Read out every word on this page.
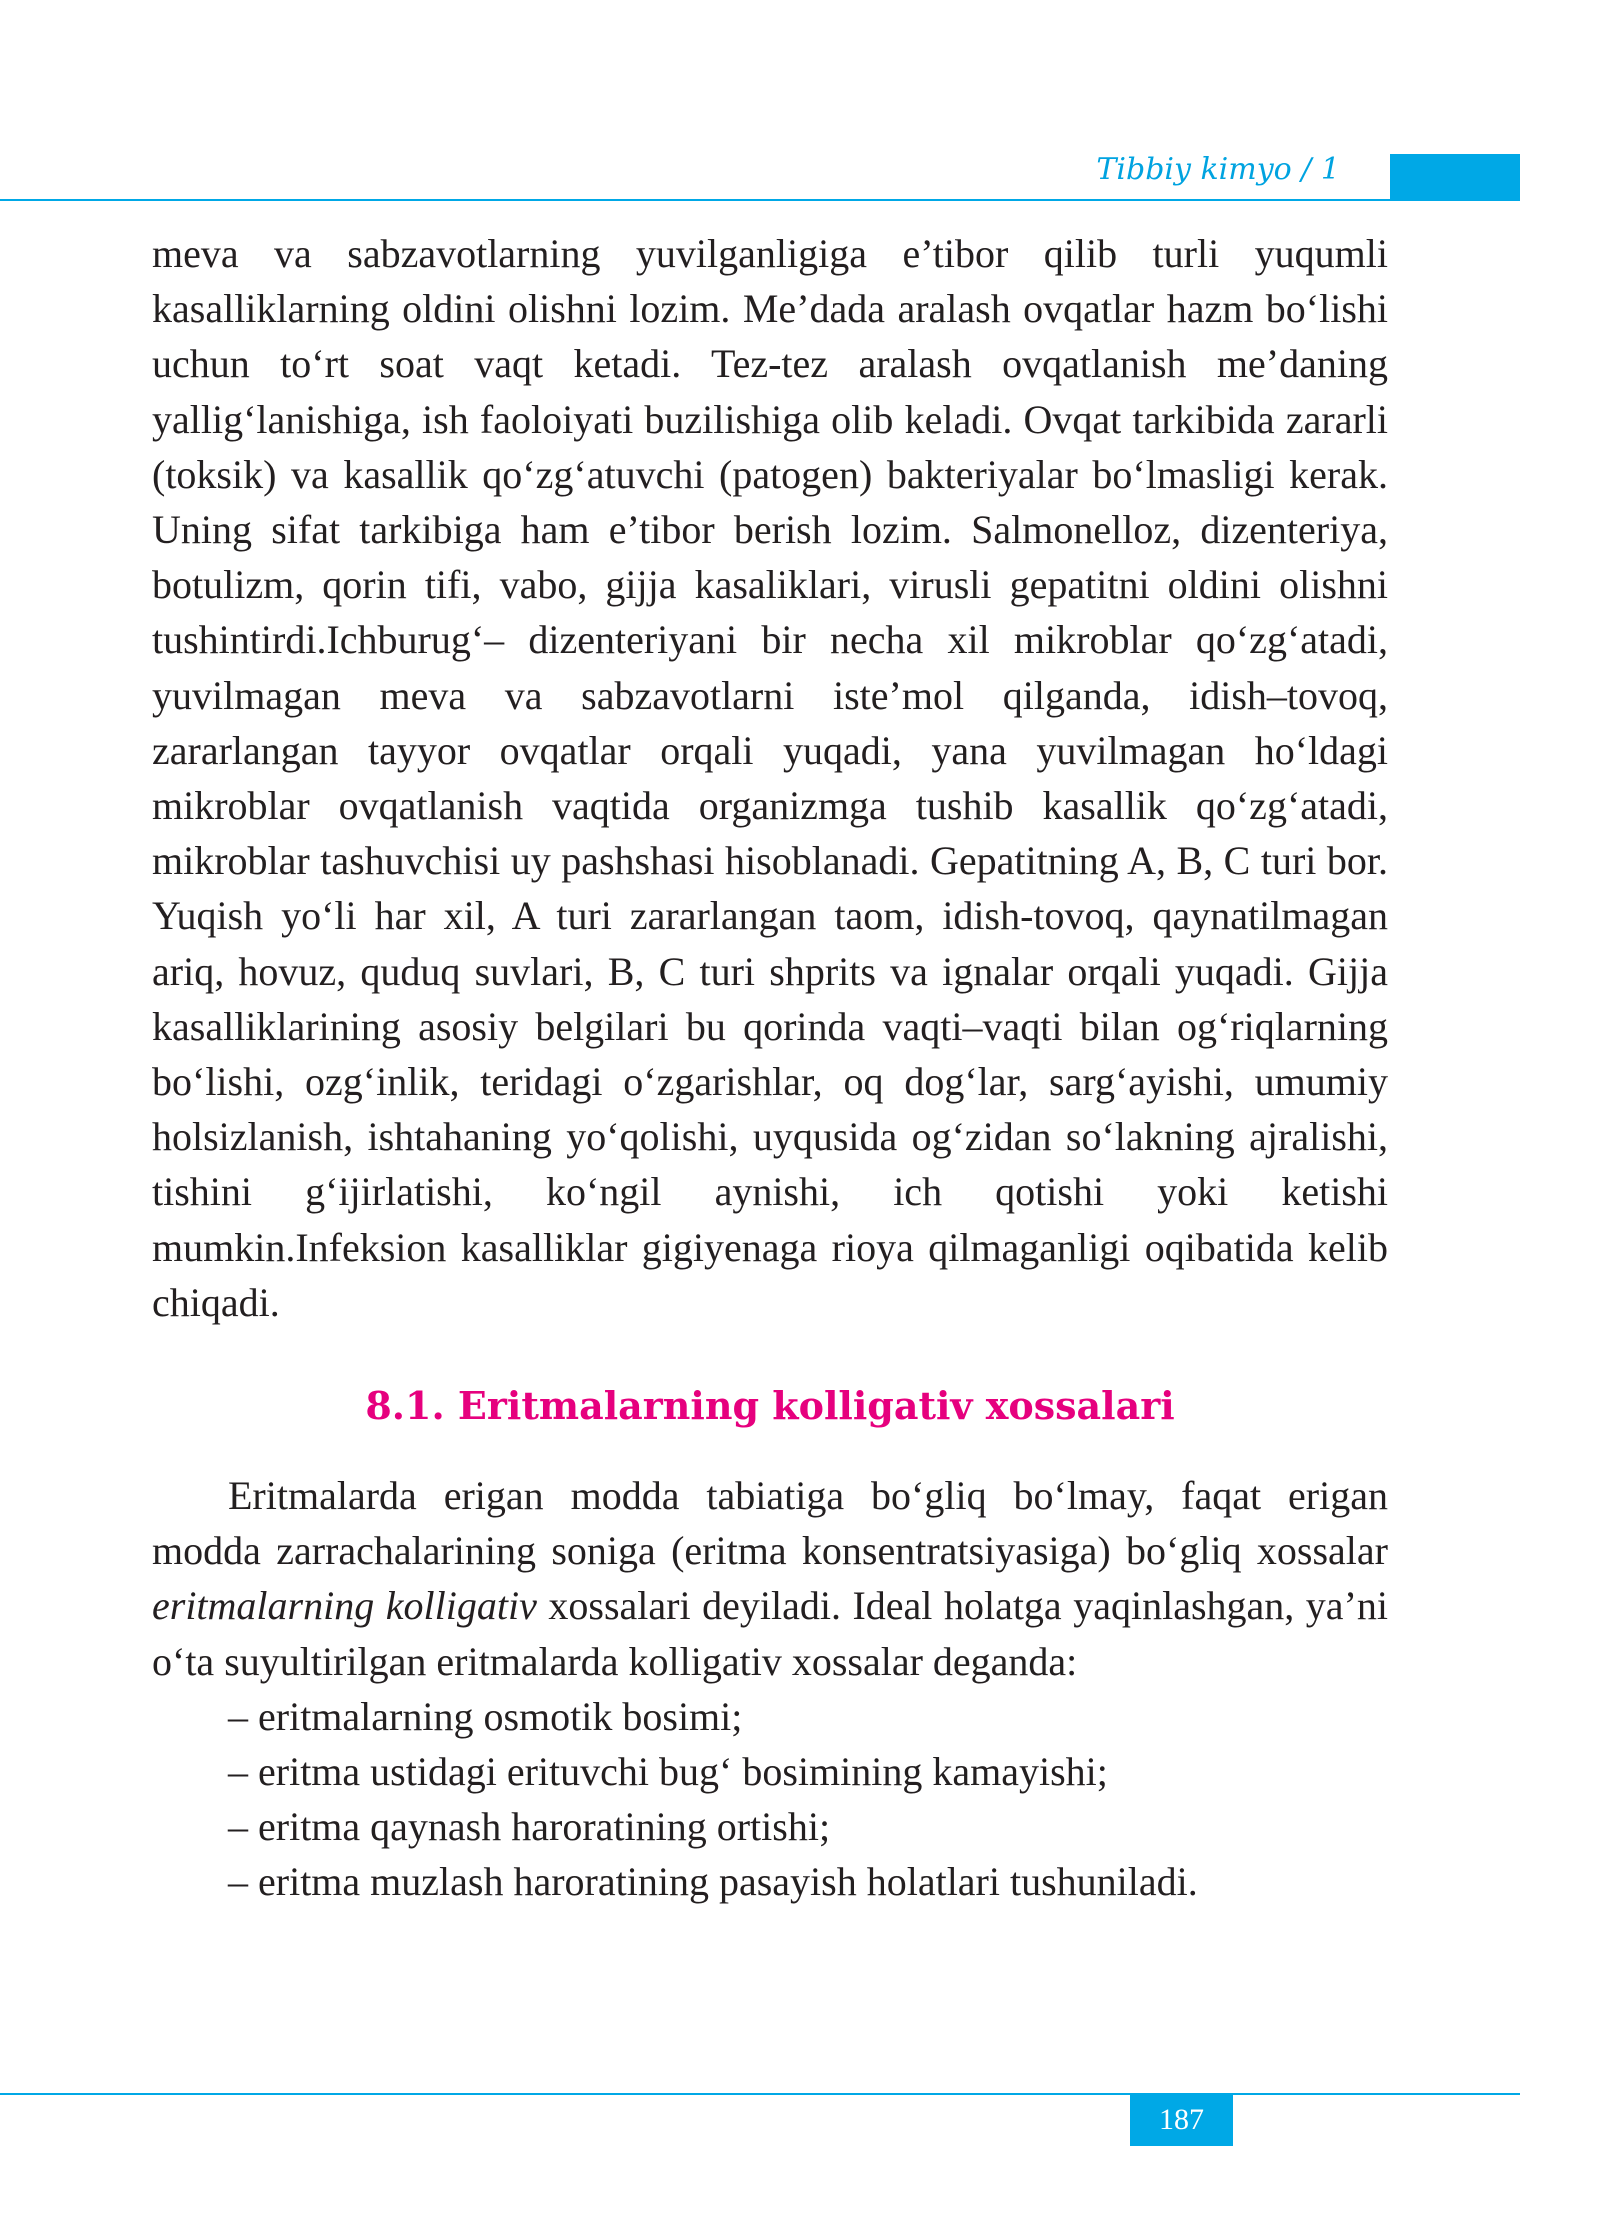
Tibbiy kimyo / 1

meva va sabzavotlarning yuvilganligiga e’tibor qilib turli yuqumli kasalliklarning oldini olishni lozim. Me’dada aralash ovqatlar hazm bo‘lishi uchun to‘rt soat vaqt ketadi. Tez-tez aralash ovqatlanish me’daning yallig‘lanishiga, ish faoloiyati buzilishiga olib keladi. Ovqat tarkibida zararli (toksik) va kasallik qo‘zg‘atuvchi (patogen) bakteriyalar bo‘lmasligi kerak. Uning sifat tarkibiga ham e’tibor berish lozim. Salmonelloz, dizenteriya, botulizm, qorin tifi, vabo, gijja kasaliklari, virusli gepatitni oldini olishni tushintirdi.Ichburug‘– dizenteriyani bir necha xil mikroblar qo‘zg‘atadi, yuvilmagan meva va sabzavotlarni iste’mol qilganda, idish–tovoq, zararlangan tayyor ovqatlar orqali yuqadi, yana yuvilmagan ho‘ldagi mikroblar ovqatlanish vaqtida organizmga tushib kasallik qo‘zg‘atadi, mikroblar tashuvchisi uy pashshasi hisoblanadi. Gepatitning A, B, C turi bor. Yuqish yo‘li har xil, A turi zararlangan taom, idish-tovoq, qaynatilmagan ariq, hovuz, quduq suvlari, B, C turi shprits va ignalar orqali yuqadi. Gijja kasalliklarining asosiy belgilari bu qorinda vaqti–vaqti bilan og‘riqlarning bo‘lishi, ozg‘inlik, teridagi o‘zgarishlar, oq dog‘lar, sarg‘ayishi, umumiy holsizlanish, ishtahaning yo‘qolishi, uyqusida og‘zidan so‘lakning ajralishi, tishini g‘ijirlatishi, ko‘ngil aynishi, ich qotishi yoki ketishi mumkin.Infeksion kasalliklar gigiyenaga rioya qilmaganligi oqibatida kelib chiqadi.

8.1. Eritmalarning kolligativ xossalari

Eritmalarda erigan modda tabiatiga bo‘gliq bo‘lmay, faqat erigan modda zarrachalarining soniga (eritma konsentratsiyasiga) bo‘gliq xossalar eritmalarning kolligativ xossalari deyiladi. Ideal holatga yaqinlashgan, ya’ni o‘ta suyultirilgan eritmalarda kolligativ xossalar deganda:

– eritmalarning osmotik bosimi;
– eritma ustidagi erituvchi bug‘ bosimining kamayishi;
– eritma qaynash haroratining ortishi;
– eritma muzlash haroratining pasayish holatlari tushuniladi.
187
